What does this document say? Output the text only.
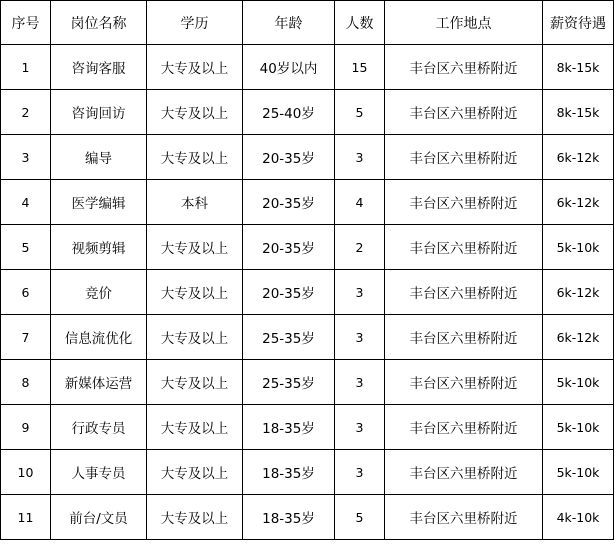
序号	岗位名称	学历	年龄	人数	工作地点	薪资待遇
1	咨询客服	大专及以上	40岁以内	15	丰台区六里桥附近	8k-15k
2	咨询回访	大专及以上	25-40岁	5	丰台区六里桥附近	8k-15k
3	编导	大专及以上	20-35岁	3	丰台区六里桥附近	6k-12k
4	医学编辑	本科	20-35岁	4	丰台区六里桥附近	6k-12k
5	视频剪辑	大专及以上	20-35岁	2	丰台区六里桥附近	5k-10k
6	竞价	大专及以上	20-35岁	3	丰台区六里桥附近	6k-12k
7	信息流优化	大专及以上	25-35岁	3	丰台区六里桥附近	6k-12k
8	新媒体运营	大专及以上	25-35岁	3	丰台区六里桥附近	5k-10k
9	行政专员	大专及以上	18-35岁	3	丰台区六里桥附近	5k-10k
10	人事专员	大专及以上	18-35岁	3	丰台区六里桥附近	5k-10k
11	前台/文员	大专及以上	18-35岁	5	丰台区六里桥附近	4k-10k
